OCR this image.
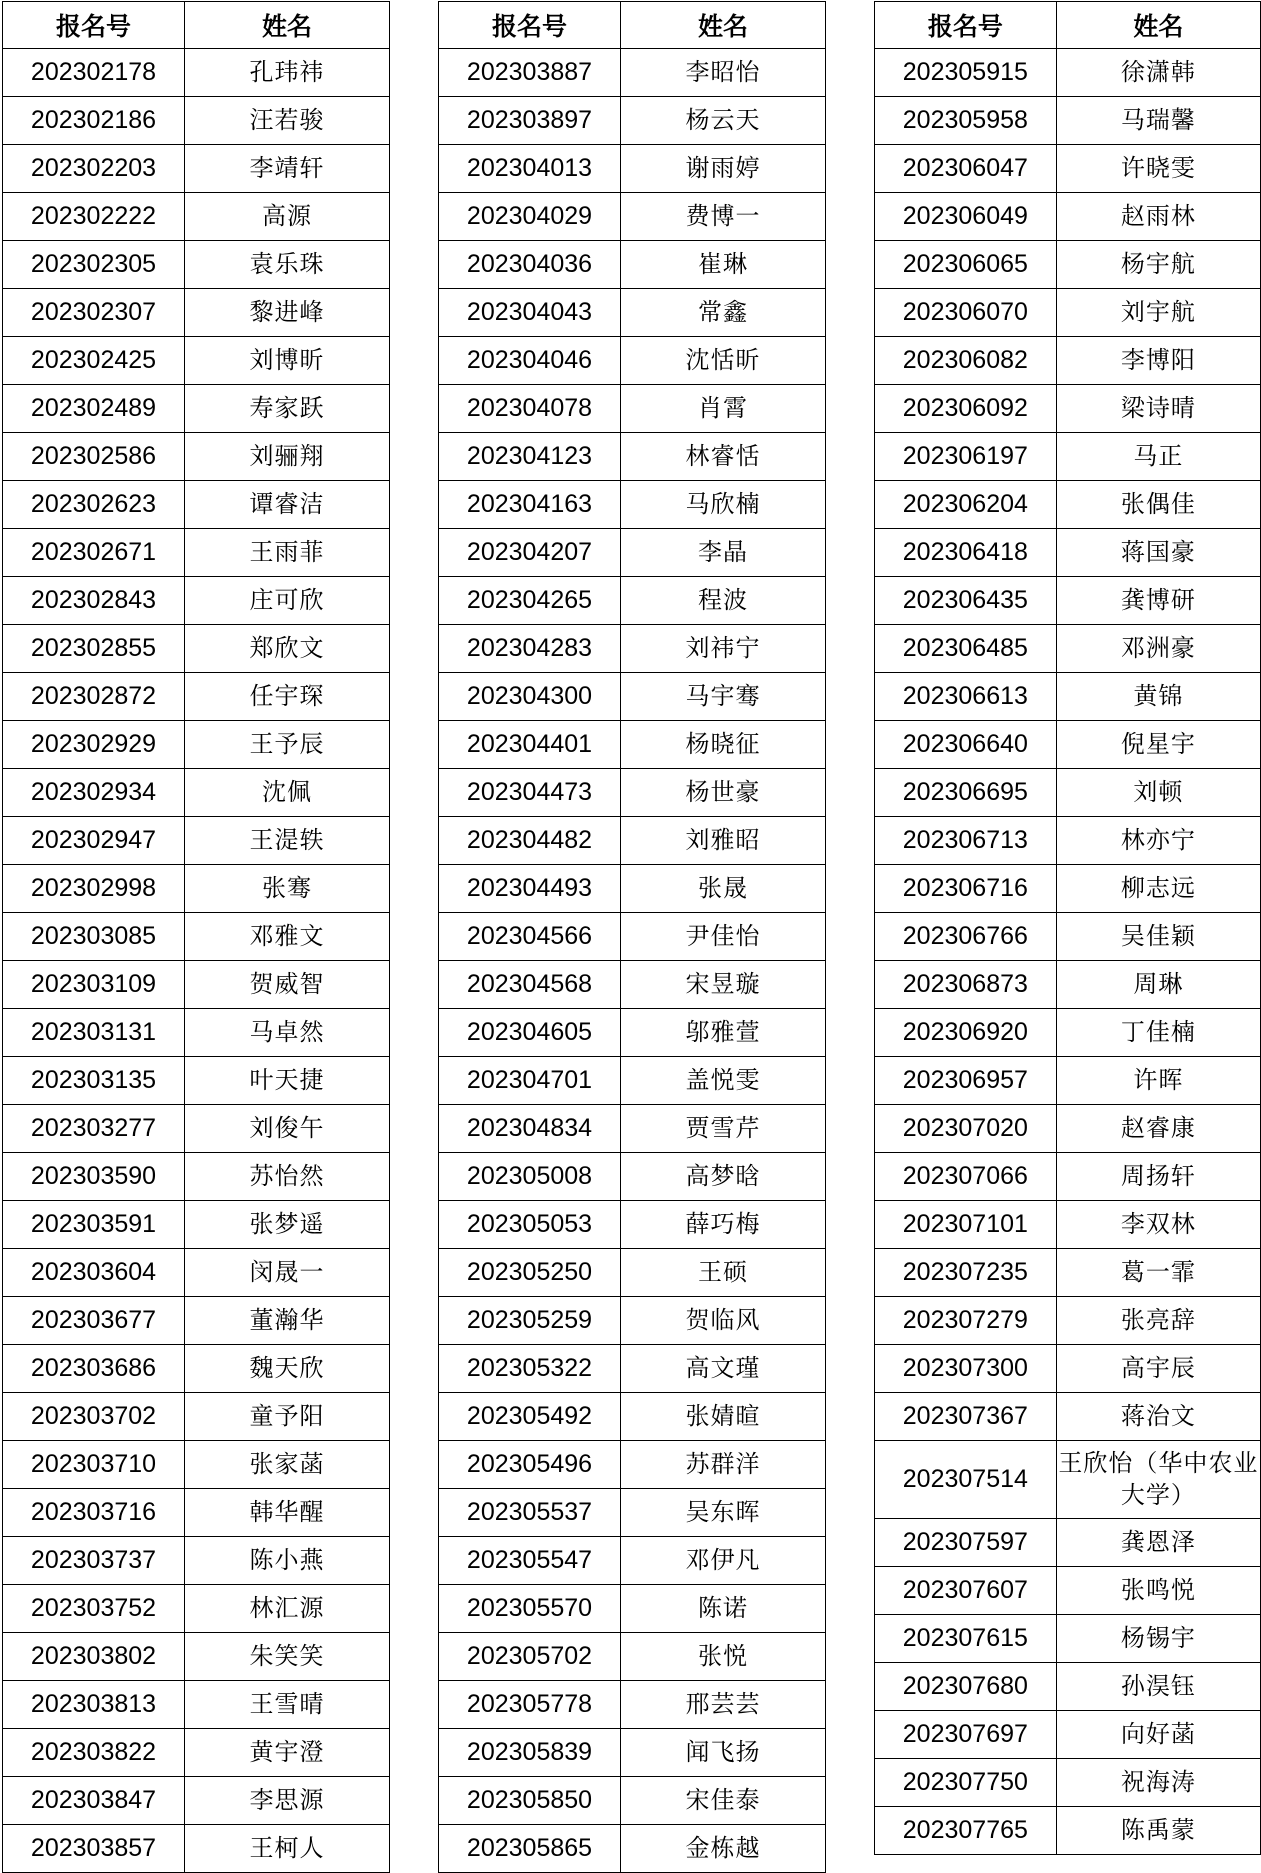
报名号	姓名
202302178	孔玮祎
202302186	汪若骏
202302203	李靖轩
202302222	高源
202302305	袁乐珠
202302307	黎进峰
202302425	刘博昕
202302489	寿家跃
202302586	刘骊翔
202302623	谭睿洁
202302671	王雨菲
202302843	庄可欣
202302855	郑欣文
202302872	任宇琛
202302929	王予辰
202302934	沈佩
202302947	王湜轶
202302998	张骞
202303085	邓雅文
202303109	贺威智
202303131	马卓然
202303135	叶天捷
202303277	刘俊午
202303590	苏怡然
202303591	张梦遥
202303604	闵晟一
202303677	董瀚华
202303686	魏天欣
202303702	童予阳
202303710	张家菡
202303716	韩华醒
202303737	陈小燕
202303752	林汇源
202303802	朱笑笑
202303813	王雪晴
202303822	黄宇澄
202303847	李思源
202303857	王柯人
报名号	姓名
202303887	李昭怡
202303897	杨云天
202304013	谢雨婷
202304029	费博一
202304036	崔琳
202304043	常鑫
202304046	沈恬昕
202304078	肖霄
202304123	林睿恬
202304163	马欣楠
202304207	李晶
202304265	程波
202304283	刘祎宁
202304300	马宇骞
202304401	杨晓征
202304473	杨世豪
202304482	刘雅昭
202304493	张晟
202304566	尹佳怡
202304568	宋昱璇
202304605	邬雅萱
202304701	盖悦雯
202304834	贾雪芹
202305008	高梦晗
202305053	薛巧梅
202305250	王硕
202305259	贺临风
202305322	高文瑾
202305492	张婧暄
202305496	苏群洋
202305537	吴东晖
202305547	邓伊凡
202305570	陈诺
202305702	张悦
202305778	邢芸芸
202305839	闻飞扬
202305850	宋佳泰
202305865	金栋越
报名号	姓名
202305915	徐潇韩
202305958	马瑞馨
202306047	许晓雯
202306049	赵雨林
202306065	杨宇航
202306070	刘宇航
202306082	李博阳
202306092	梁诗晴
202306197	马正
202306204	张偶佳
202306418	蒋国豪
202306435	龚博研
202306485	邓洲豪
202306613	黄锦
202306640	倪星宇
202306695	刘顿
202306713	林亦宁
202306716	柳志远
202306766	吴佳颖
202306873	周琳
202306920	丁佳楠
202306957	许晖
202307020	赵睿康
202307066	周扬轩
202307101	李双林
202307235	葛一霏
202307279	张亮辞
202307300	高宇辰
202307367	蒋治文
202307514	王欣怡（华中农业大学）
202307597	龚恩泽
202307607	张鸣悦
202307615	杨锡宇
202307680	孙淏钰
202307697	向好菡
202307750	祝海涛
202307765	陈禹蒙
